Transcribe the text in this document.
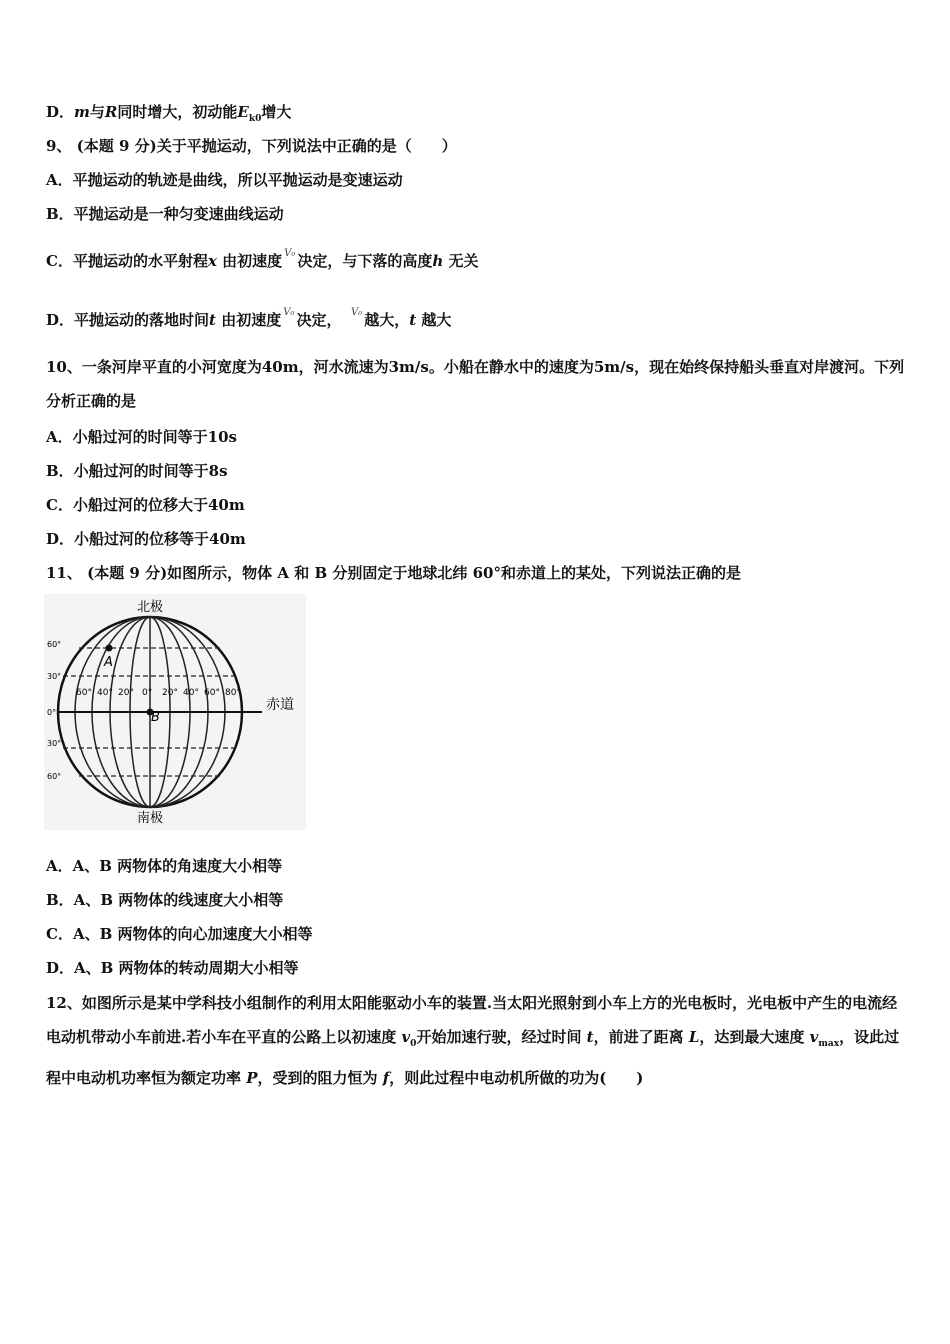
D．m与R同时增大，初动能$E_{k0}$增大
9、 (本题 9 分)关于平抛运动，下列说法中正确的是（　　）
A．平抛运动的轨迹是曲线，所以平抛运动是变速运动
B．平抛运动是一种匀变速曲线运动
C．平抛运动的水平射程x 由初速度 $^{V_0}$ 决定，与下落的高度h 无关
D．平抛运动的落地时间t 由初速度 $^{V_0}$ 决定，　 $^{V_0}$ 越大，t 越大
10、一条河岸平直的小河宽度为40m，河水流速为3m/s。小船在静水中的速度为5m/s，现在始终保持船头垂直对岸渡河。下列分析正确的是
A．小船过河的时间等于10s
B．小船过河的时间等于8s
C．小船过河的位移大于40m
D．小船过河的位移等于40m
11、 (本题 9 分)如图所示，物体 A 和 B 分别固定于地球北纬 60°和赤道上的某处，下列说法正确的是
北极
南极
赤道
A
B
60°
30°
0°
30°
60°
60° 40° 20° 0° 20° 40° 60° 80°
A．A、B 两物体的角速度大小相等
B．A、B 两物体的线速度大小相等
C．A、B 两物体的向心加速度大小相等
D．A、B 两物体的转动周期大小相等
12、如图所示是某中学科技小组制作的利用太阳能驱动小车的装置.当太阳光照射到小车上方的光电板时，光电板中产生的电流经电动机带动小车前进.若小车在平直的公路上以初速度 $v_0$开始加速行驶，经过时间 t，前进了距离 L，达到最大速度 $v_{max}$，设此过程中电动机功率恒为额定功率 P，受到的阻力恒为 f，则此过程中电动机所做的功为(　　)
